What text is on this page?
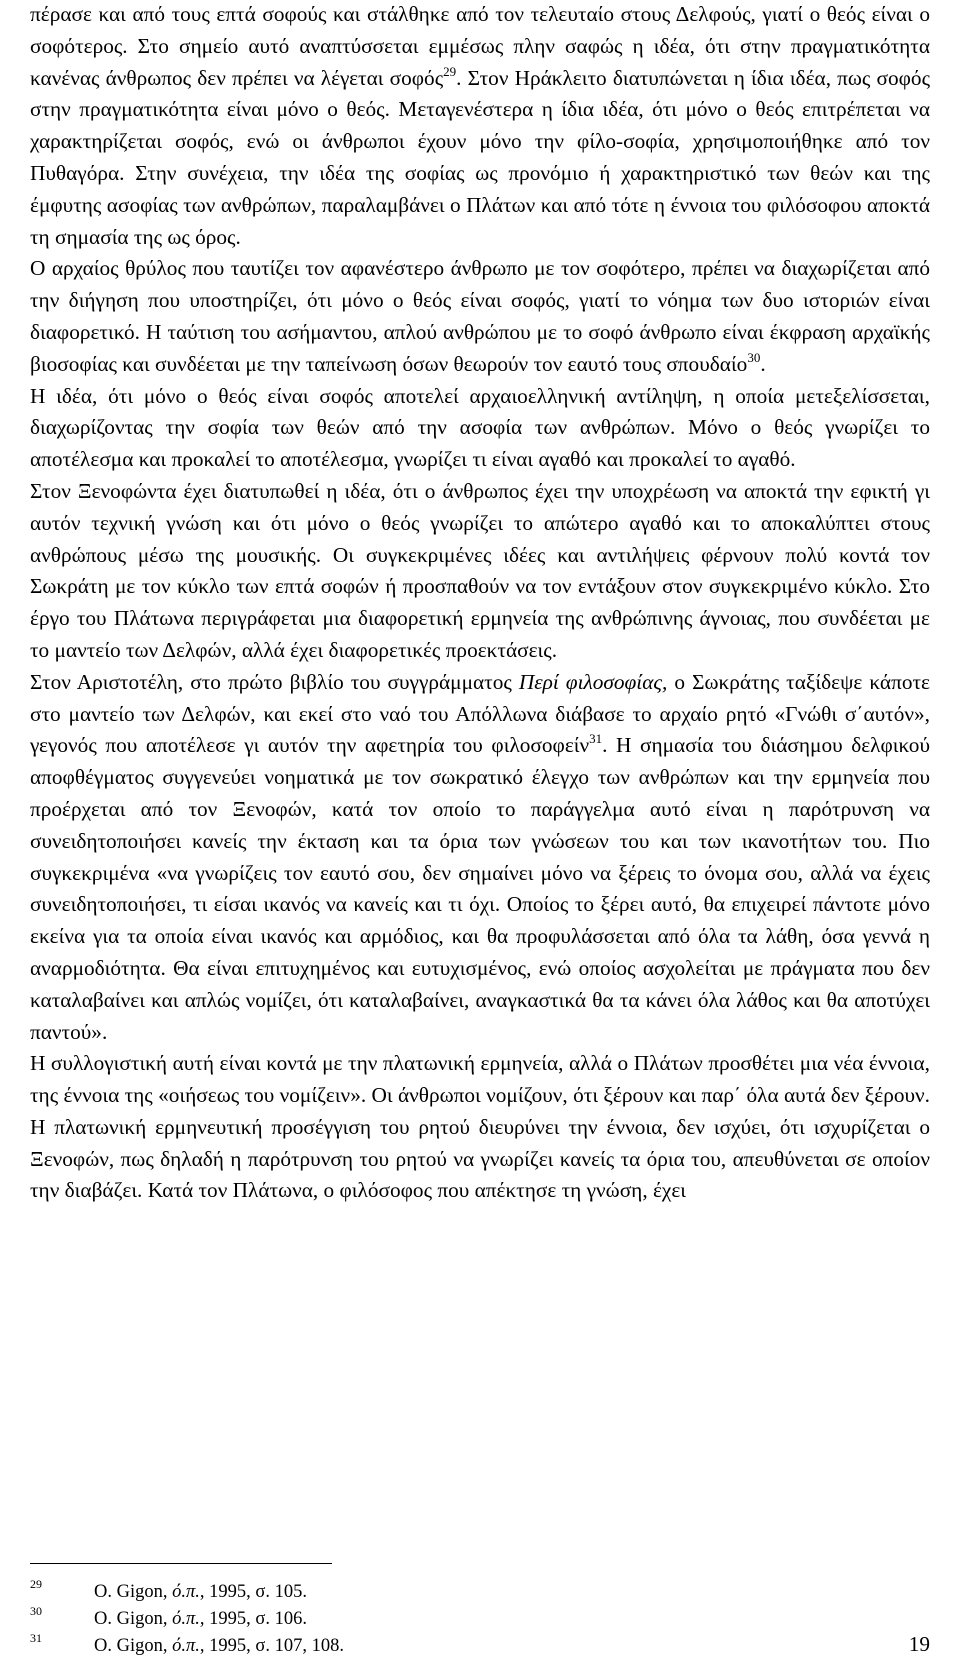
πέρασε και από τους επτά σοφούς και στάλθηκε από τον τελευταίο στους Δελφούς, γιατί ο θεός είναι ο σοφότερος. Στο σημείο αυτό αναπτύσσεται εμμέσως πλην σαφώς η ιδέα, ότι στην πραγματικότητα κανένας άνθρωπος δεν πρέπει να λέγεται σοφός$^{29}$. Στον Ηράκλειτο διατυπώνεται η ίδια ιδέα, πως σοφός στην πραγματικότητα είναι μόνο ο θεός. Μεταγενέστερα η ίδια ιδέα, ότι μόνο ο θεός επιτρέπεται να χαρακτηρίζεται σοφός, ενώ οι άνθρωποι έχουν μόνο την φίλο-σοφία, χρησιμοποιήθηκε από τον Πυθαγόρα. Στην συνέχεια, την ιδέα της σοφίας ως προνόμιο ή χαρακτηριστικό των θεών και της έμφυτης ασοφίας των ανθρώπων, παραλαμβάνει ο Πλάτων και από τότε η έννοια του φιλόσοφου αποκτά τη σημασία της ως όρος.

Ο αρχαίος θρύλος που ταυτίζει τον αφανέστερο άνθρωπο με τον σοφότερο, πρέπει να διαχωρίζεται από την διήγηση που υποστηρίζει, ότι μόνο ο θεός είναι σοφός, γιατί το νόημα των δυο ιστοριών είναι διαφορετικό. Η ταύτιση του ασήμαντου, απλού ανθρώπου με το σοφό άνθρωπο είναι έκφραση αρχαϊκής βιοσοφίας και συνδέεται με την ταπείνωση όσων θεωρούν τον εαυτό τους σπουδαίο$^{30}$.

Η ιδέα, ότι μόνο ο θεός είναι σοφός αποτελεί αρχαιοελληνική αντίληψη, η οποία μετεξελίσσεται, διαχωρίζοντας την σοφία των θεών από την ασοφία των ανθρώπων. Μόνο ο θεός γνωρίζει το αποτέλεσμα και προκαλεί το αποτέλεσμα, γνωρίζει τι είναι αγαθό και προκαλεί το αγαθό.

Στον Ξενοφώντα έχει διατυπωθεί η ιδέα, ότι ο άνθρωπος έχει την υποχρέωση να αποκτά την εφικτή γι αυτόν τεχνική γνώση και ότι μόνο ο θεός γνωρίζει το απώτερο αγαθό και το αποκαλύπτει στους ανθρώπους μέσω της μουσικής. Οι συγκεκριμένες ιδέες και αντιλήψεις φέρνουν πολύ κοντά τον Σωκράτη με τον κύκλο των επτά σοφών ή προσπαθούν να τον εντάξουν στον συγκεκριμένο κύκλο. Στο έργο του Πλάτωνα περιγράφεται μια διαφορετική ερμηνεία της ανθρώπινης άγνοιας, που συνδέεται με το μαντείο των Δελφών, αλλά έχει διαφορετικές προεκτάσεις.

Στον Αριστοτέλη, στο πρώτο βιβλίο του συγγράμματος Περί φιλοσοφίας, ο Σωκράτης ταξίδεψε κάποτε στο μαντείο των Δελφών, και εκεί στο ναό του Απόλλωνα διάβασε το αρχαίο ρητό «Γνώθι σ΄αυτόν», γεγονός που αποτέλεσε γι αυτόν την αφετηρία του φιλοσοφείν$^{31}$. Η σημασία του διάσημου δελφικού αποφθέγματος συγγενεύει νοηματικά με τον σωκρατικό έλεγχο των ανθρώπων και την ερμηνεία που προέρχεται από τον Ξενοφών, κατά τον οποίο το παράγγελμα αυτό είναι η παρότρυνση να συνειδητοποιήσει κανείς την έκταση και τα όρια των γνώσεων του και των ικανοτήτων του. Πιο συγκεκριμένα «να γνωρίζεις τον εαυτό σου, δεν σημαίνει μόνο να ξέρεις το όνομα σου, αλλά να έχεις συνειδητοποιήσει, τι είσαι ικανός να κανείς και τι όχι. Οποίος το ξέρει αυτό, θα επιχειρεί πάντοτε μόνο εκείνα για τα οποία είναι ικανός και αρμόδιος, και θα προφυλάσσεται από όλα τα λάθη, όσα γεννά η αναρμοδιότητα. Θα είναι επιτυχημένος και ευτυχισμένος, ενώ οποίος ασχολείται με πράγματα που δεν καταλαβαίνει και απλώς νομίζει, ότι καταλαβαίνει, αναγκαστικά θα τα κάνει όλα λάθος και θα αποτύχει παντού».

Η συλλογιστική αυτή είναι κοντά με την πλατωνική ερμηνεία, αλλά ο Πλάτων προσθέτει μια νέα έννοια, της έννοια της «οιήσεως του νομίζειν». Οι άνθρωποι νομίζουν, ότι ξέρουν και παρ΄ όλα αυτά δεν ξέρουν. Η πλατωνική ερμηνευτική προσέγγιση του ρητού διευρύνει την έννοια, δεν ισχύει, ότι ισχυρίζεται ο Ξενοφών, πως δηλαδή η παρότρυνση του ρητού να γνωρίζει κανείς τα όρια του, απευθύνεται σε οποίον την διαβάζει. Κατά τον Πλάτωνα, ο φιλόσοφος που απέκτησε τη γνώση, έχει

29	O. Gigon, ό.π., 1995, σ. 105.
30	O. Gigon, ό.π., 1995, σ. 106.
31	O. Gigon, ό.π., 1995, σ. 107, 108.	19
